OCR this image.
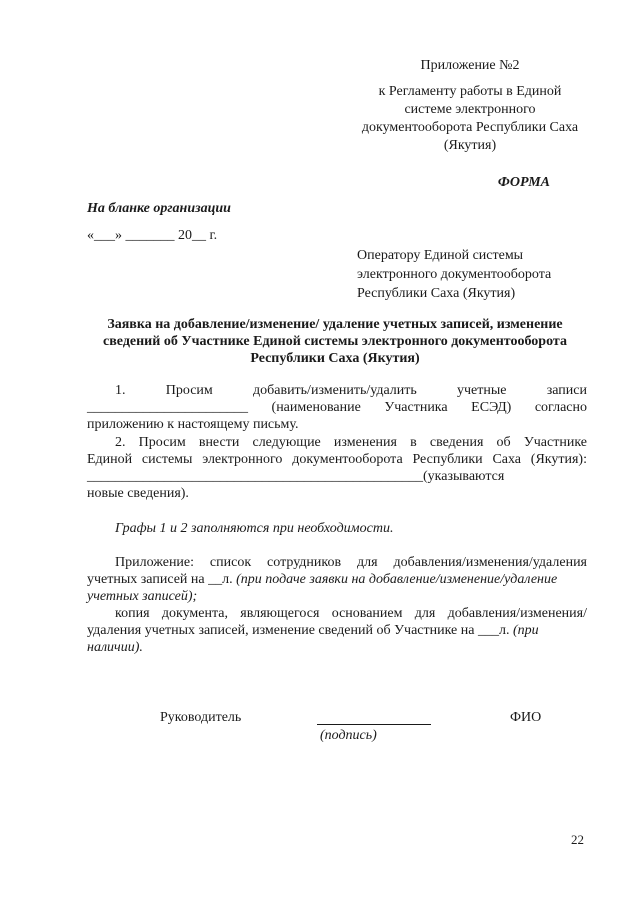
Приложение №2
к Регламенту работы в Единой
системе электронного
документооборота Республики Саха
(Якутия)
ФОРМА
На бланке организации
«___» _______ 20__ г.
Оператору Единой системы
электронного документооборота
Республики Саха (Якутия)
Заявка на добавление/изменение/ удаление учетных записей, изменение
сведений об Участнике Единой системы электронного документооборота
Республики Саха (Якутия)
1. Просим добавить/изменить/удалить учетные записи
_______________________ (наименование Участника ЕСЭД) согласно
приложению к настоящему письму.
2. Просим внести следующие изменения в сведения об Участнике
Единой системы электронного документооборота Республики Саха (Якутия):
________________________________________________(указываются
новые сведения).
Графы 1 и 2 заполняются при необходимости.
Приложение: список сотрудников для добавления/изменения/удаления
учетных записей на __л. (при подаче заявки на добавление/изменение/удаление
учетных записей);
копия документа, являющегося основанием для добавления/изменения/
удаления учетных записей, изменение сведений об Участнике на ___л. (при
наличии).
Руководитель
(подпись)
ФИО
22
